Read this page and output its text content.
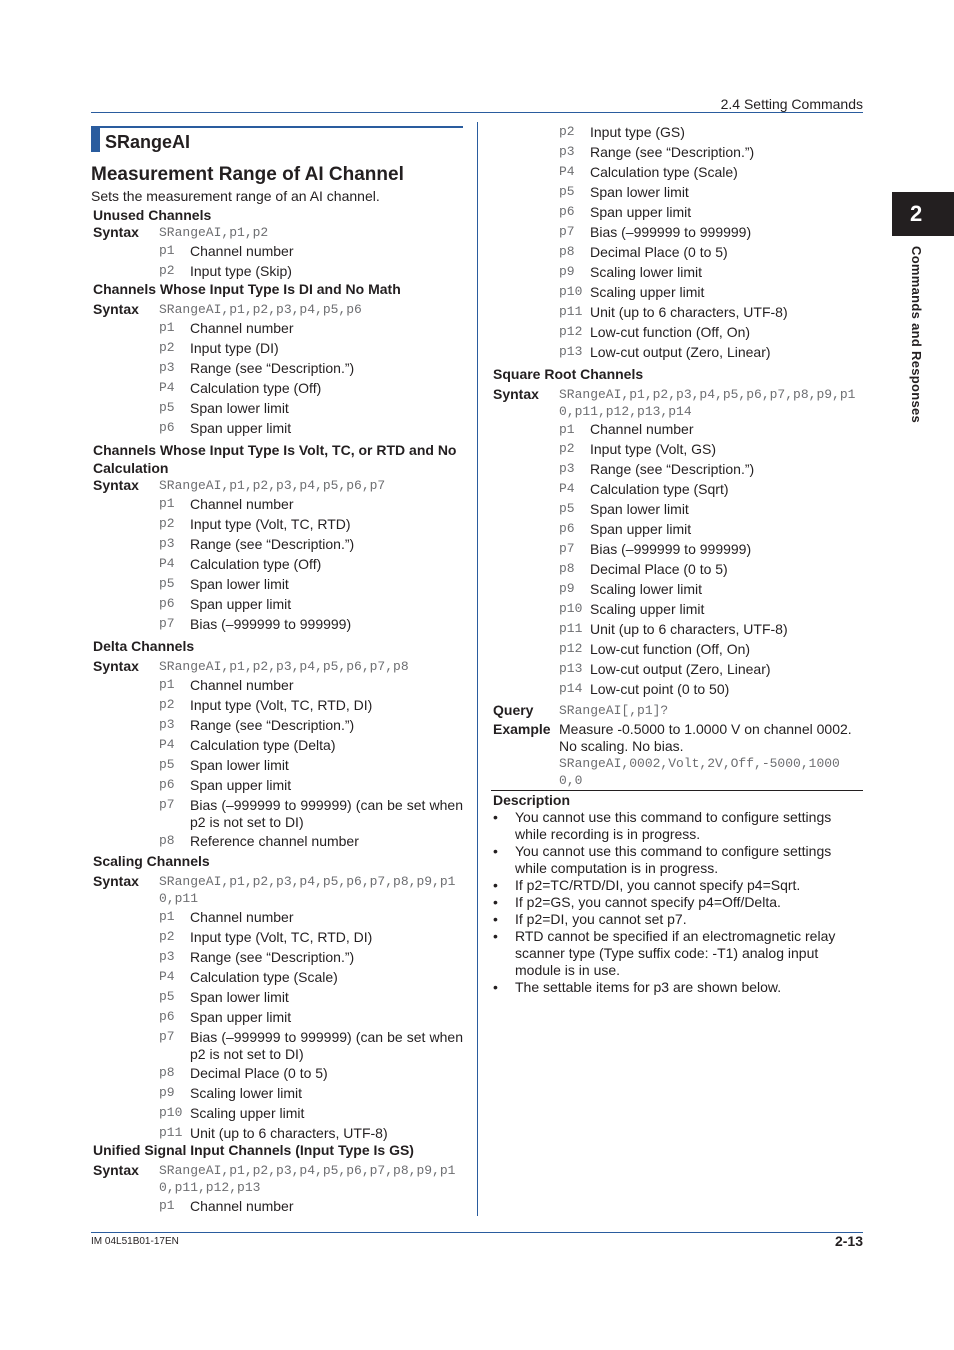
2.4 Setting Commands
2
Commands and Responses
SRangeAI
Measurement Range of AI Channel
Sets the measurement range of an AI channel.
Unused Channels
Syntax	SRangeAI,p1,p2
p1	Channel number
p2	Input type (Skip)
Channels Whose Input Type Is DI and No Math
Syntax	SRangeAI,p1,p2,p3,p4,p5,p6
p1	Channel number
p2	Input type (DI)
p3	Range (see “Description.”)
P4	Calculation type (Off)
p5	Span lower limit
p6	Span upper limit
Channels Whose Input Type Is Volt, TC, or RTD and No Calculation
Syntax	SRangeAI,p1,p2,p3,p4,p5,p6,p7
p1	Channel number
p2	Input type (Volt, TC, RTD)
p3	Range (see “Description.”)
P4	Calculation type (Off)
p5	Span lower limit
p6	Span upper limit
p7	Bias (–999999 to 999999)
Delta Channels
Syntax	SRangeAI,p1,p2,p3,p4,p5,p6,p7,p8
p1	Channel number
p2	Input type (Volt, TC, RTD, DI)
p3	Range (see “Description.”)
P4	Calculation type (Delta)
p5	Span lower limit
p6	Span upper limit
p7	Bias (–999999 to 999999) (can be set when p2 is not set to DI)
p8	Reference channel number
Scaling Channels
Syntax	SRangeAI,p1,p2,p3,p4,p5,p6,p7,p8,p9,p10,p11
p1	Channel number
p2	Input type (Volt, TC, RTD, DI)
p3	Range (see “Description.”)
P4	Calculation type (Scale)
p5	Span lower limit
p6	Span upper limit
p7	Bias (–999999 to 999999) (can be set when p2 is not set to DI)
p8	Decimal Place (0 to 5)
p9	Scaling lower limit
p10 Scaling upper limit
p11 Unit (up to 6 characters, UTF-8)
Unified Signal Input Channels (Input Type Is GS)
Syntax	SRangeAI,p1,p2,p3,p4,p5,p6,p7,p8,p9,p10,p11,p12,p13
p1	Channel number
p2	Input type (GS)
p3	Range (see “Description.”)
P4	Calculation type (Scale)
p5	Span lower limit
p6	Span upper limit
p7	Bias (–999999 to 999999)
p8	Decimal Place (0 to 5)
p9	Scaling lower limit
p10 Scaling upper limit
p11 Unit (up to 6 characters, UTF-8)
p12 Low-cut function (Off, On)
p13 Low-cut output (Zero, Linear)
Square Root Channels
Syntax	SRangeAI,p1,p2,p3,p4,p5,p6,p7,p8,p9,p10,p11,p12,p13,p14
p1	Channel number
p2	Input type (Volt, GS)
p3	Range (see “Description.”)
P4	Calculation type (Sqrt)
p5	Span lower limit
p6	Span upper limit
p7	Bias (–999999 to 999999)
p8	Decimal Place (0 to 5)
p9	Scaling lower limit
p10 Scaling upper limit
p11 Unit (up to 6 characters, UTF-8)
p12 Low-cut function (Off, On)
p13 Low-cut output (Zero, Linear)
p14 Low-cut point (0 to 50)
Query	SRangeAI[,p1]?
Example Measure -0.5000 to 1.0000 V on channel 0002. No scaling. No bias.
SRangeAI,0002,Volt,2V,Off,-5000,10000,0
Description
•	You cannot use this command to configure settings while recording is in progress.
•	You cannot use this command to configure settings while computation is in progress.
•	If p2=TC/RTD/DI, you cannot specify p4=Sqrt.
•	If p2=GS, you cannot specify p4=Off/Delta.
•	If p2=DI, you cannot set p7.
•	RTD cannot be specified if an electromagnetic relay scanner type (Type suffix code: -T1) analog input module is in use.
•	The settable items for p3 are shown below.
IM 04L51B01-17EN	2-13
